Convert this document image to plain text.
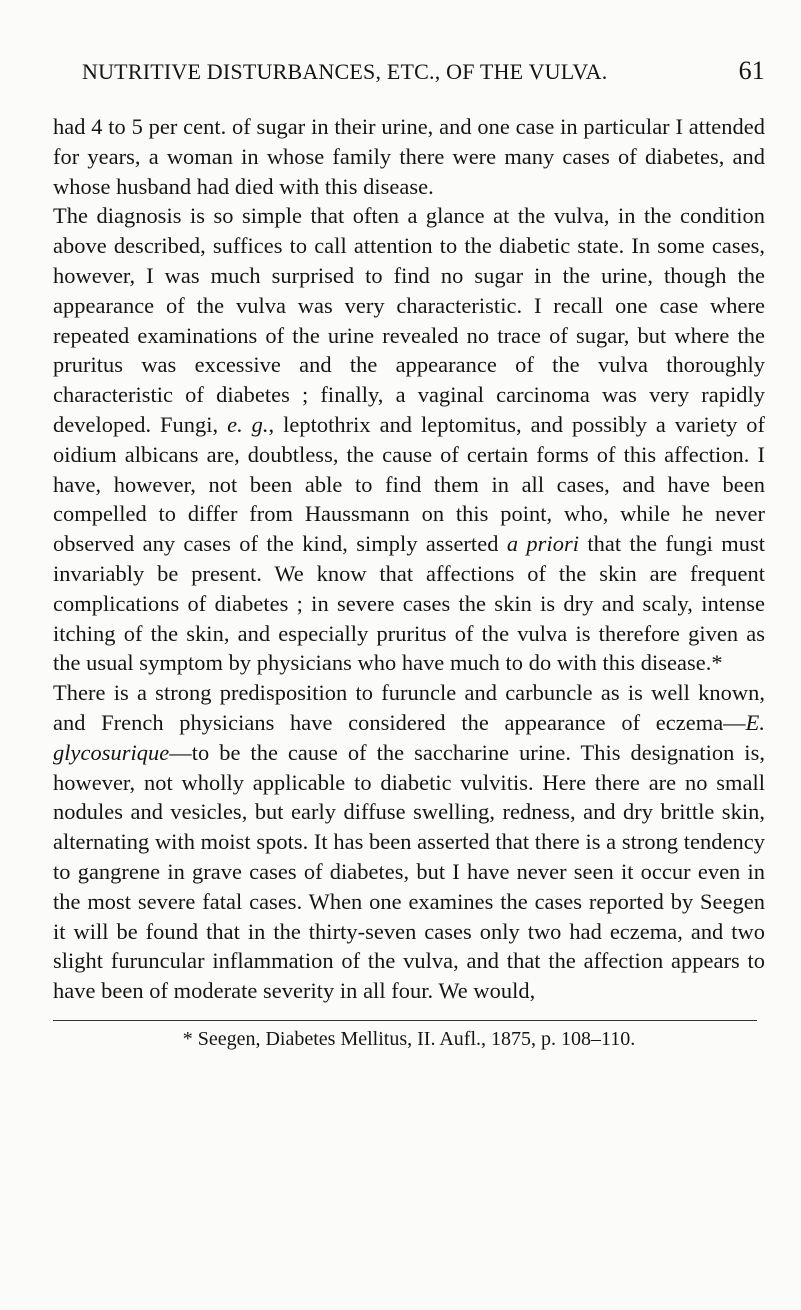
NUTRITIVE DISTURBANCES, ETC., OF THE VULVA.	61

had 4 to 5 per cent. of sugar in their urine, and one case in particular I attended for years, a woman in whose family there were many cases of diabetes, and whose husband had died with this disease.

The diagnosis is so simple that often a glance at the vulva, in the condition above described, suffices to call attention to the diabetic state. In some cases, however, I was much surprised to find no sugar in the urine, though the appearance of the vulva was very characteristic. I recall one case where repeated examinations of the urine revealed no trace of sugar, but where the pruritus was excessive and the appearance of the vulva thoroughly characteristic of diabetes ; finally, a vaginal carcinoma was very rapidly developed. Fungi, e. g., leptothrix and leptomitus, and possibly a variety of oidium albicans are, doubtless, the cause of certain forms of this affection. I have, however, not been able to find them in all cases, and have been compelled to differ from Haussmann on this point, who, while he never observed any cases of the kind, simply asserted a priori that the fungi must invariably be present. We know that affections of the skin are frequent complications of diabetes ; in severe cases the skin is dry and scaly, intense itching of the skin, and especially pruritus of the vulva is therefore given as the usual symptom by physicians who have much to do with this disease.*

There is a strong predisposition to furuncle and carbuncle as is well known, and French physicians have considered the appearance of eczema—E. glycosurique—to be the cause of the saccharine urine. This designation is, however, not wholly applicable to diabetic vulvitis. Here there are no small nodules and vesicles, but early diffuse swelling, redness, and dry brittle skin, alternating with moist spots. It has been asserted that there is a strong tendency to gangrene in grave cases of diabetes, but I have never seen it occur even in the most severe fatal cases. When one examines the cases reported by Seegen it will be found that in the thirty-seven cases only two had eczema, and two slight furuncular inflammation of the vulva, and that the affection appears to have been of moderate severity in all four. We would,

* Seegen, Diabetes Mellitus, II. Aufl., 1875, p. 108–110.
